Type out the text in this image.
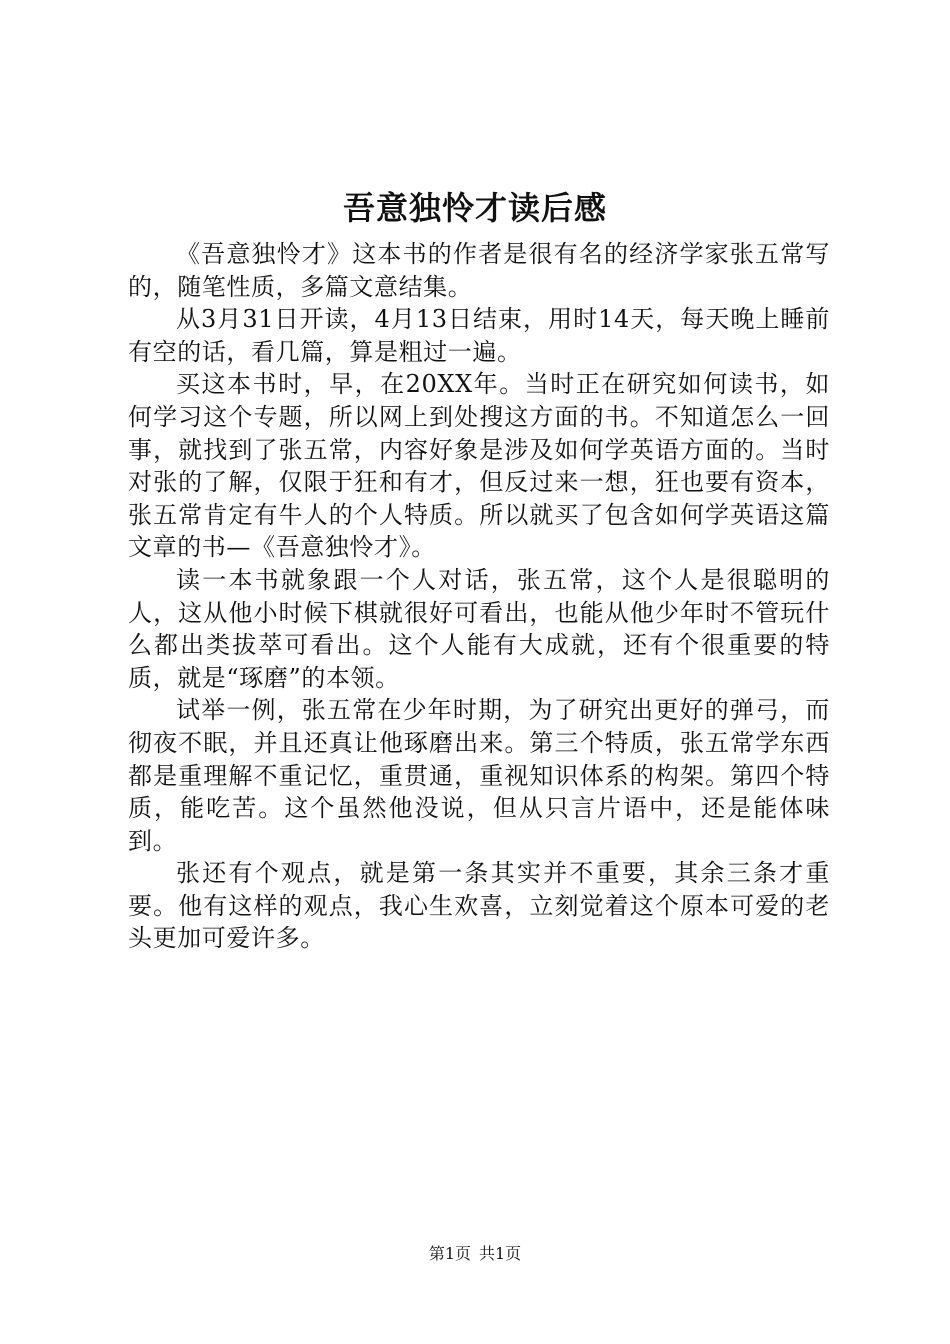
吾意独怜才读后感

《吾意独怜才》这本书的作者是很有名的经济学家张五常写的，随笔性质，多篇文意结集。

从3月31日开读，4月13日结束，用时14天，每天晚上睡前有空的话，看几篇，算是粗过一遍。

买这本书时，早，在20XX年。当时正在研究如何读书，如何学习这个专题，所以网上到处搜这方面的书。不知道怎么一回事，就找到了张五常，内容好象是涉及如何学英语方面的。当时对张的了解，仅限于狂和有才，但反过来一想，狂也要有资本，张五常肯定有牛人的个人特质。所以就买了包含如何学英语这篇文章的书—《吾意独怜才》。

读一本书就象跟一个人对话，张五常，这个人是很聪明的人，这从他小时候下棋就很好可看出，也能从他少年时不管玩什么都出类拔萃可看出。这个人能有大成就，还有个很重要的特质，就是“琢磨”的本领。

试举一例，张五常在少年时期，为了研究出更好的弹弓，而彻夜不眠，并且还真让他琢磨出来。第三个特质，张五常学东西都是重理解不重记忆，重贯通，重视知识体系的构架。第四个特质，能吃苦。这个虽然他没说，但从只言片语中，还是能体味到。

张还有个观点，就是第一条其实并不重要，其余三条才重要。他有这样的观点，我心生欢喜，立刻觉着这个原本可爱的老头更加可爱许多。

第1页 共1页
